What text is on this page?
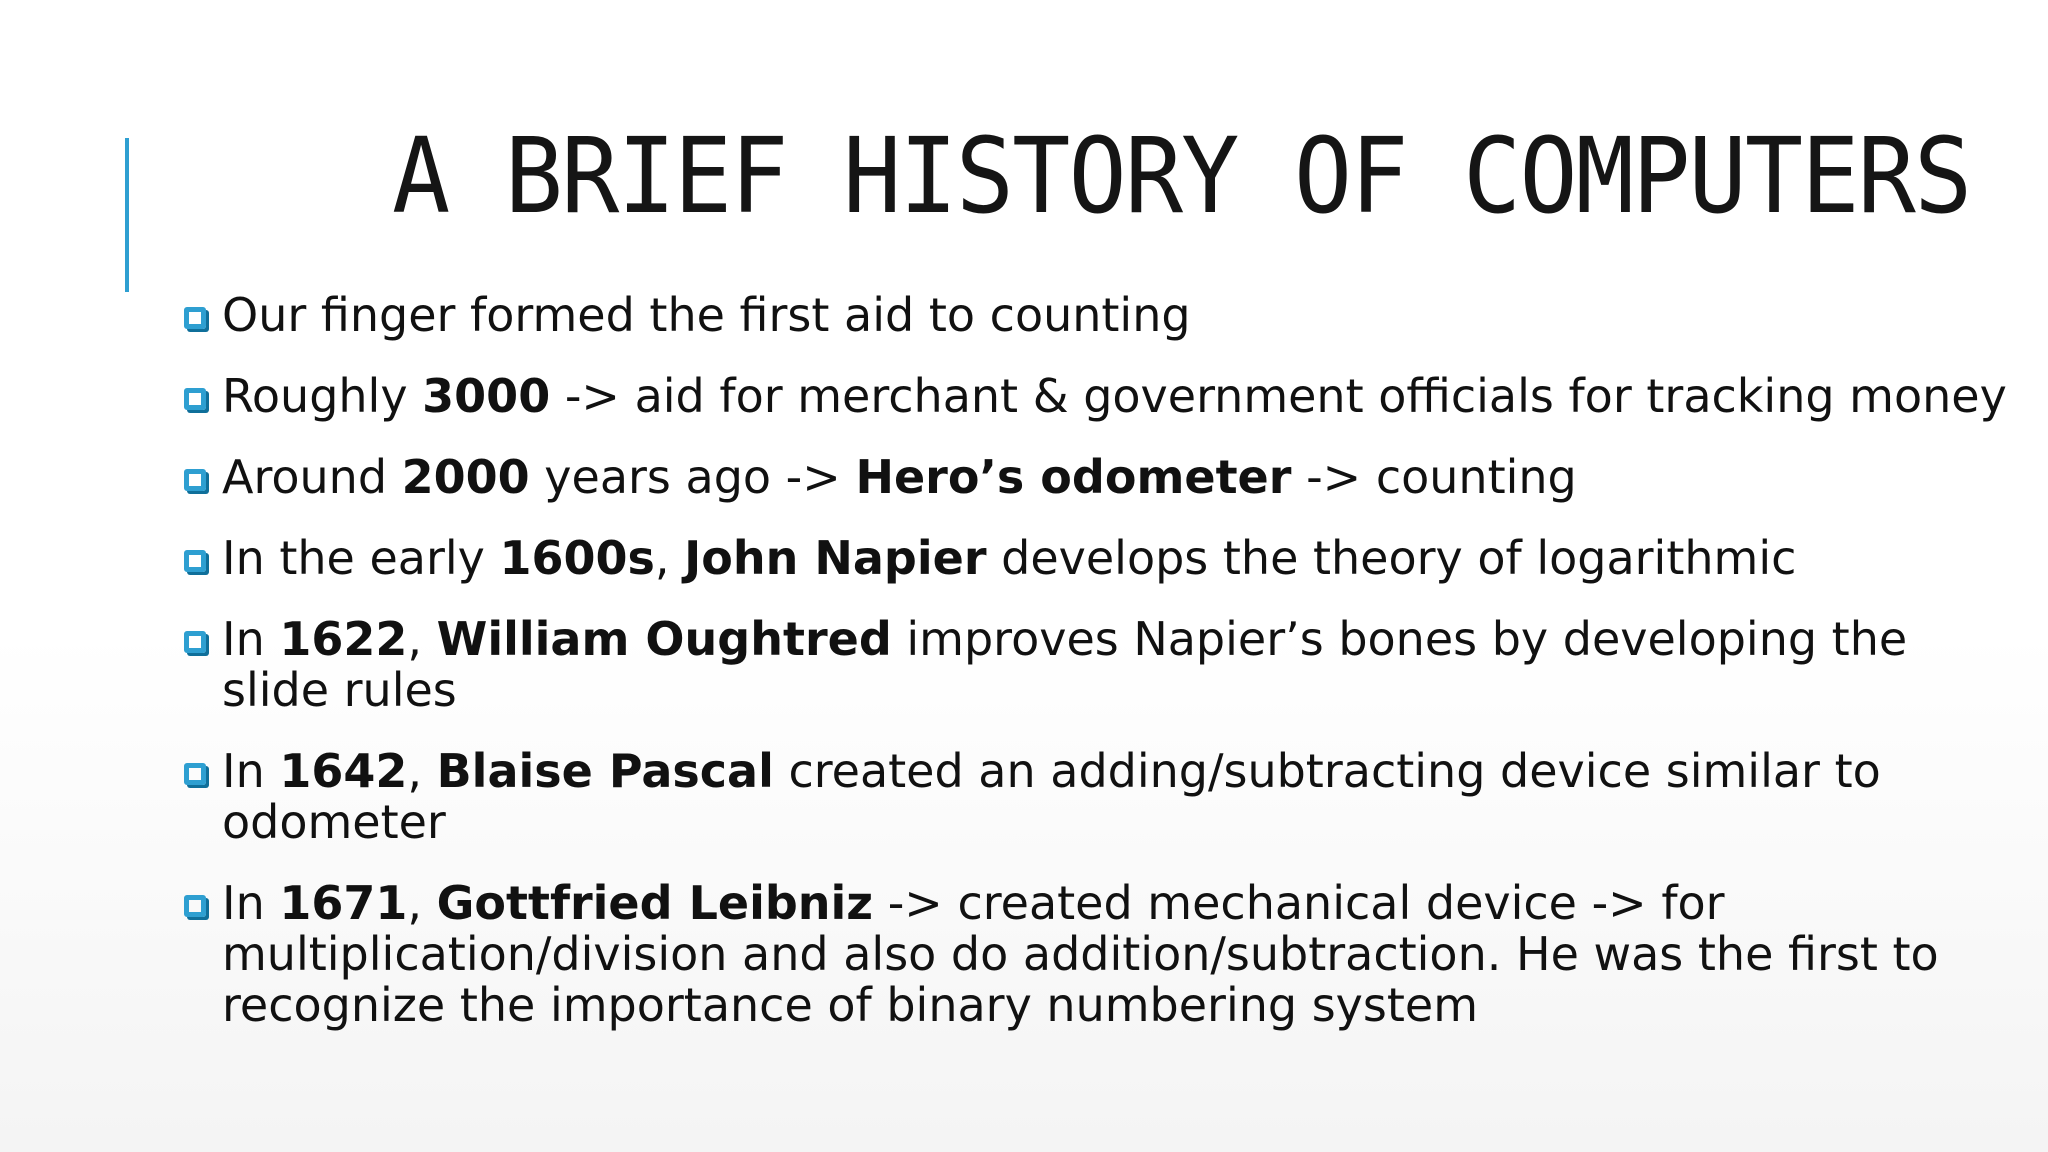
A BRIEF HISTORY OF COMPUTERS
Our finger formed the first aid to counting
Roughly 3000 -> aid for merchant & government officials for tracking money
Around 2000 years ago -> Hero’s odometer -> counting
In the early 1600s, John Napier develops the theory of logarithmic
In 1622, William Oughtred improves Napier’s bones by developing the slide rules
In 1642, Blaise Pascal created an adding/subtracting device similar to odometer
In 1671, Gottfried Leibniz -> created mechanical device -> for multiplication/division and also do addition/subtraction. He was the first to recognize the importance of binary numbering system
